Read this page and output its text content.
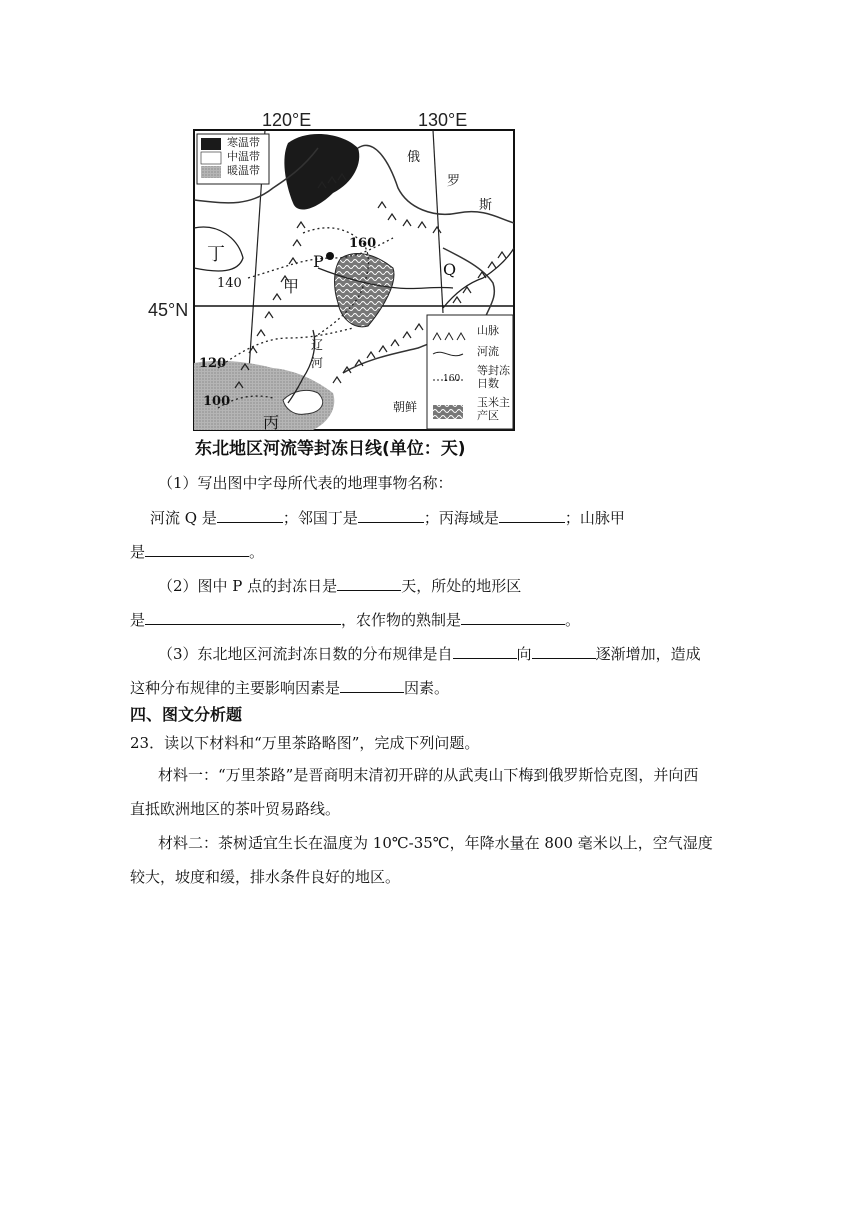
120°E	130°E
45°N
寒温带
中温带
暖温带
俄
罗
斯
丁
甲
P	Q
丙
辽
河
朝鲜
140
160
120
100
山脉
河流
等封冻
日数
玉米主
产区
160
东北地区河流等封冻日线(单位：天)
（1）写出图中字母所代表的地理事物名称：
河流 Q 是	；邻国丁是	；丙海域是	；山脉甲
是	。
（2）图中 P 点的封冻日是	天，所处的地形区
是	，农作物的熟制是	。
（3）东北地区河流封冻日数的分布规律是自	向	逐渐增加，造成
这种分布规律的主要影响因素是	因素。
四、图文分析题
23．读以下材料和“万里茶路略图”，完成下列问题。
材料一：“万里茶路”是晋商明末清初开辟的从武夷山下梅到俄罗斯恰克图，并向西
直抵欧洲地区的茶叶贸易路线。
材料二：茶树适宜生长在温度为 10℃-35℃，年降水量在 800 毫米以上，空气湿度
较大，坡度和缓，排水条件良好的地区。
